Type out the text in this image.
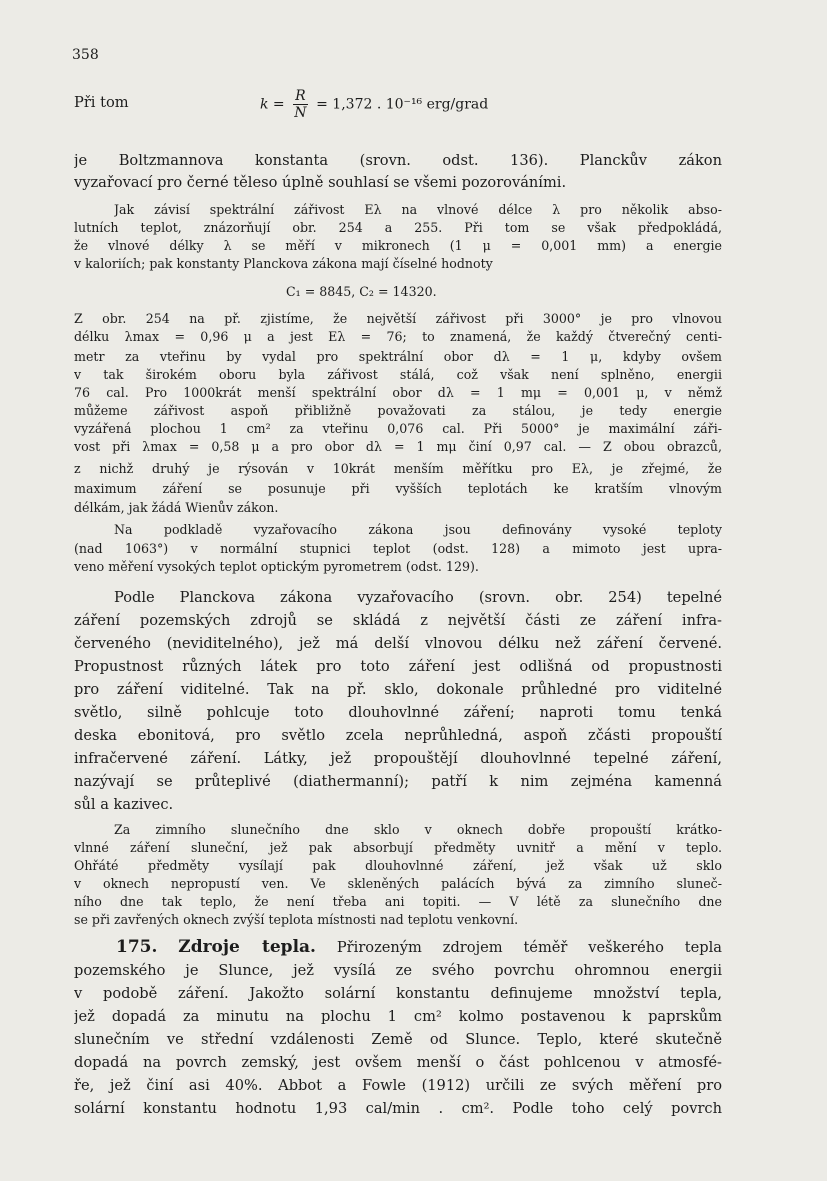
358
Při tom	$k = \frac{R}{N} = 1,372$ . 10⁻¹⁶ erg/grad
je Boltzmannova konstanta (srovn. odst. 136). Planckův zákon
vyzařovací pro černé těleso úplně souhlasí se všemi pozorováními.
Jak závisí spektrální zářivost Eλ na vlnové délce λ pro několik abso-
lutních teplot, znázorňují obr. 254 a 255. Při tom se však předpokládá,
že vlnové délky λ se měří v mikronech (1 μ = 0,001 mm) a energie
v kaloriích; pak konstanty Planckova zákona mají číselné hodnoty
C₁ = 8845, C₂ = 14320.
Z obr. 254 na př. zjistíme, že největší zářivost při 3000° je pro vlnovou
délku λmax = 0,96 μ a jest Eλ = 76; to znamená, že každý čtverečný centi-
metr za vteřinu by vydal pro spektrální obor dλ = 1 μ, kdyby ovšem
v tak širokém oboru byla zářivost stálá, což však není splněno, energii
76 cal. Pro 1000krát menší spektrální obor dλ = 1 mμ = 0,001 μ, v němž
můžeme zářivost aspoň přibližně považovati za stálou, je tedy energie
vyzářená plochou 1 cm² za vteřinu 0,076 cal. Při 5000° je maximální záři-
vost při λmax = 0,58 μ a pro obor dλ = 1 mμ činí 0,97 cal. — Z obou obrazců,
z nichž druhý je rýsován v 10krát menším měřítku pro Eλ, je zřejmé, že
maximum záření se posunuje při vyšších teplotách ke kratším vlnovým
délkám, jak žádá Wienův zákon.
Na podkladě vyzařovacího zákona jsou definovány vysoké teploty
(nad 1063°) v normální stupnici teplot (odst. 128) a mimoto jest upra-
veno měření vysokých teplot optickým pyrometrem (odst. 129).
Podle Planckova zákona vyzařovacího (srovn. obr. 254) tepelné
záření pozemských zdrojů se skládá z největší části ze záření infra-
červeného (neviditelného), jež má delší vlnovou délku než záření červené.
Propustnost různých látek pro toto záření jest odlišná od propustnosti
pro záření viditelné. Tak na př. sklo, dokonale průhledné pro viditelné
světlo, silně pohlcuje toto dlouhovlnné záření; naproti tomu tenká
deska ebonitová, pro světlo zcela neprůhledná, aspoň zčásti propouští
infračervené záření. Látky, jež propouštějí dlouhovlnné tepelné záření,
nazývají se průteplivé (diathermanní); patří k nim zejména kamenná
sůl a kazivec.
Za zimního slunečního dne sklo v oknech dobře propouští krátko-
vlnné záření sluneční, jež pak absorbují předměty uvnitř a mění v teplo.
Ohřáté předměty vysílají pak dlouhovlnné záření, jež však už sklo
v oknech nepropustí ven. Ve skleněných palácích bývá za zimního sluneč-
ního dne tak teplo, že není třeba ani topiti. — V létě za slunečního dne
se při zavřených oknech zvýší teplota místnosti nad teplotu venkovní.
175. Zdroje tepla. Přirozeným zdrojem téměř veškerého tepla
pozemského je Slunce, jež vysílá ze svého povrchu ohromnou energii
v podobě záření. Jakožto solární konstantu definujeme množství tepla,
jež dopadá za minutu na plochu 1 cm² kolmo postavenou k paprskům
slunečním ve střední vzdálenosti Země od Slunce. Teplo, které skutečně
dopadá na povrch zemský, jest ovšem menší o část pohlcenou v atmosfé-
ře, jež činí asi 40%. Abbot a Fowle (1912) určili ze svých měření pro
solární konstantu hodnotu 1,93 cal/min . cm². Podle toho celý povrch
